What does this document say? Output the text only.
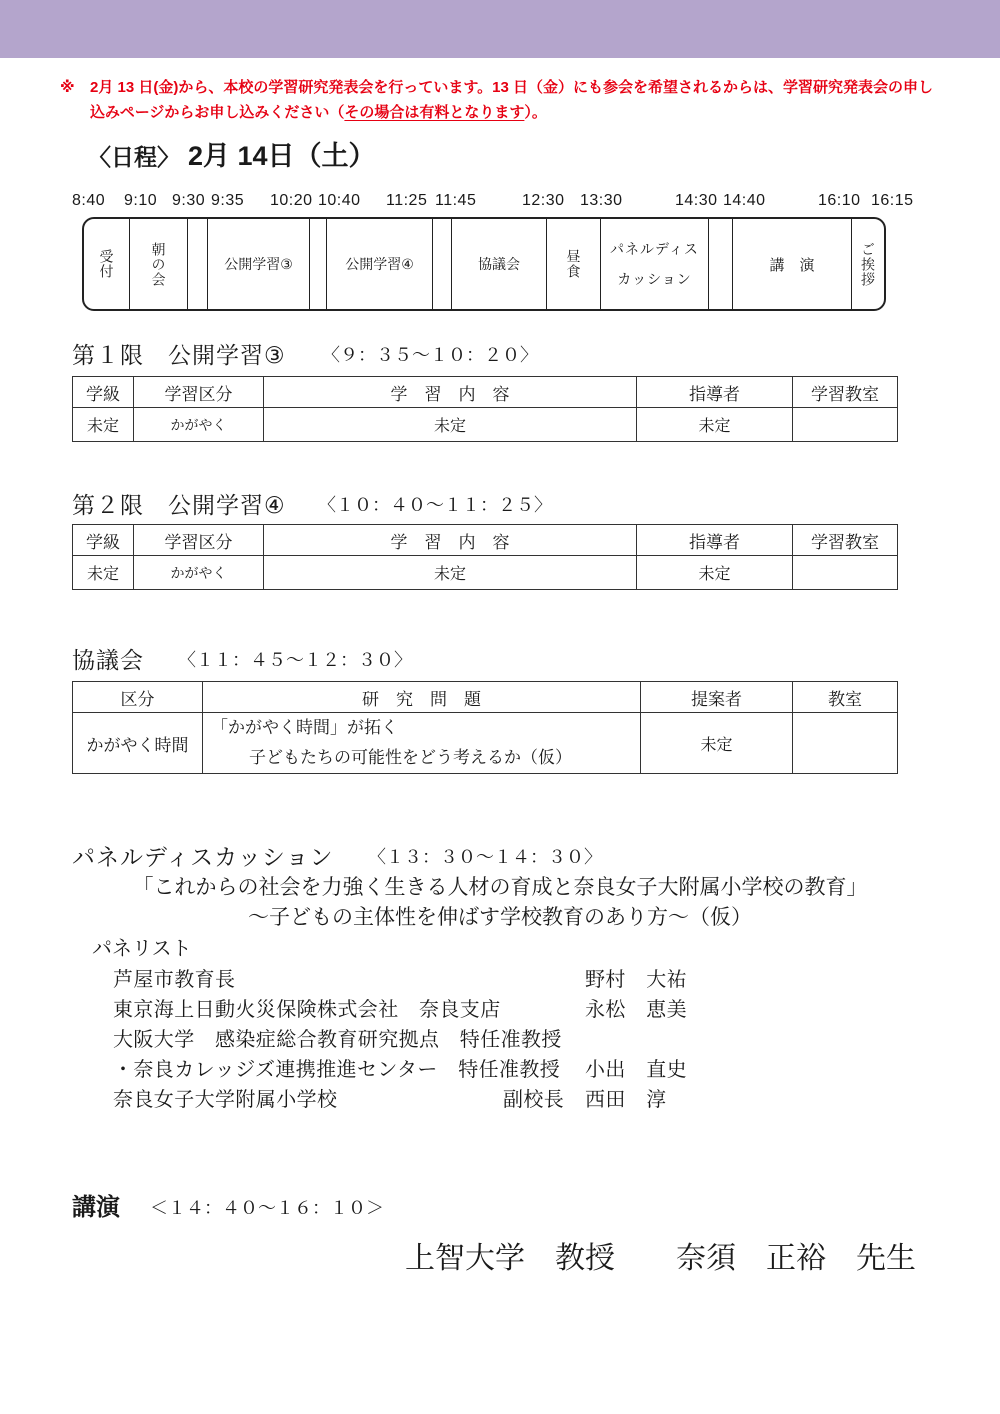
※ 2月 13 日(金)から、本校の学習研究発表会を行っています。13 日（金）にも参会を希望されるからは、学習研究発表会の申し
込みページからお申し込みください（その場合は有料となります）。
〈日程〉 2月 14日（土）
8:40 9:10 9:30 9:35 10:20 10:40 11:25 11:45	12:30 13:30	14:30 14:40	16:10 16:15
受付	朝の会	公開学習③	公開学習④	協議会	昼食 パネルディス
カッション
講　演	ご挨拶
第１限　公開学習③ 〈９：３５～１０：２０〉
学級	学習区分	学　習　内　容	指導者	学習教室
未定	かがやく	未定	未定	
第２限　公開学習④ 〈１０：４０～１１：２５〉
学級	学習区分	学　習　内　容	指導者	学習教室
未定	かがやく	未定	未定	
協議会 〈１１：４５～１２：３０〉
区分	研　究　問　題	提案者	教室
かがやく時間	「かがやく時間」が拓く
子どもたちの可能性をどう考えるか（仮）	未定	
パネルディスカッション 〈１３：３０～１４：３０〉
「これからの社会を力強く生きる人材の育成と奈良女子大附属小学校の教育」
～子どもの主体性を伸ばす学校教育のあり方～（仮）
パネリスト
芦屋市教育長	野村　大祐
東京海上日動火災保険株式会社　奈良支店	永松　恵美
大阪大学　感染症総合教育研究拠点　特任准教授
・奈良カレッジズ連携推進センター　特任准教授 小出　直史
奈良女子大学附属小学校	副校長 西田　淳
講演 ＜１４：４０～１６：１０＞
上智大学　教授 奈須　正裕　先生
